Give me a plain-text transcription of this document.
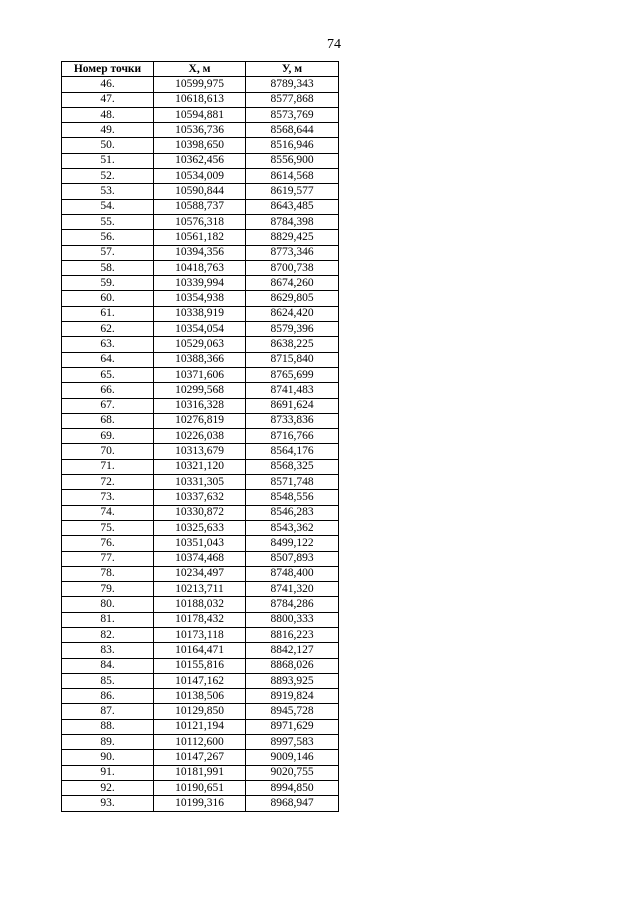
74
Номер точки	X, м	У, м
46.	10599,975	8789,343
47.	10618,613	8577,868
48.	10594,881	8573,769
49.	10536,736	8568,644
50.	10398,650	8516,946
51.	10362,456	8556,900
52.	10534,009	8614,568
53.	10590,844	8619,577
54.	10588,737	8643,485
55.	10576,318	8784,398
56.	10561,182	8829,425
57.	10394,356	8773,346
58.	10418,763	8700,738
59.	10339,994	8674,260
60.	10354,938	8629,805
61.	10338,919	8624,420
62.	10354,054	8579,396
63.	10529,063	8638,225
64.	10388,366	8715,840
65.	10371,606	8765,699
66.	10299,568	8741,483
67.	10316,328	8691,624
68.	10276,819	8733,836
69.	10226,038	8716,766
70.	10313,679	8564,176
71.	10321,120	8568,325
72.	10331,305	8571,748
73.	10337,632	8548,556
74.	10330,872	8546,283
75.	10325,633	8543,362
76.	10351,043	8499,122
77.	10374,468	8507,893
78.	10234,497	8748,400
79.	10213,711	8741,320
80.	10188,032	8784,286
81.	10178,432	8800,333
82.	10173,118	8816,223
83.	10164,471	8842,127
84.	10155,816	8868,026
85.	10147,162	8893,925
86.	10138,506	8919,824
87.	10129,850	8945,728
88.	10121,194	8971,629
89.	10112,600	8997,583
90.	10147,267	9009,146
91.	10181,991	9020,755
92.	10190,651	8994,850
93.	10199,316	8968,947
